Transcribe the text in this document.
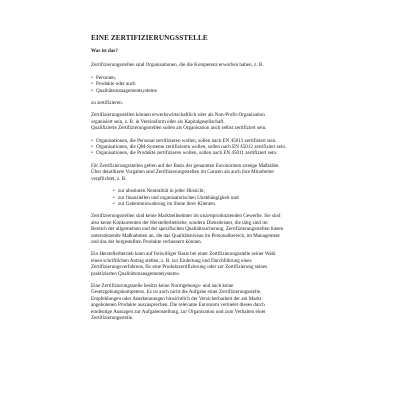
EINE ZERTIFIZIERUNGSSTELLE
Was ist das?

Zertifizierungsstellen sind Organisationen, die die Kompetenz erworben haben, z. B.

• Personen,
• Produkte oder auch
• Qualitätsmanagementsysteme

zu zertifizieren.

Zertifizierungsstellen können erwerbswirtschaftlich oder als Non-Profit-Organisation
organisiert sein, z. B. in Vereinsform oder als Kapitalgesellschaft.
Qualifizierte Zertifizierungsstellen sollen als Organisation auch selbst zertifiziert sein.

• Organisationen, die Personal zertifizieren wollen, sollen nach EN 45013 zertifiziert sein.
• Organisationen, die QM-Systeme zertifizieren wollen, sollen nach EN 45012 zertifiziert sein.
• Organisationen, die Produkte zertifizieren wollen, sollen nach EN 45011 zertifiziert sein.

Für Zertifizierungsstellen gelten auf der Basis der genannten Euronormen strenge Maßstäbe.
Über detaillierte Vorgaben sind Zertifizierungsstellen im Ganzen als auch ihre Mitarbeiter
verpflichtet, z. B.

• zur absoluten Neutralität in jeder Hinsicht,
• zur finanziellen und organisatorischen Unabhängigkeit und
• zur Geheimniswahrung im Sinne ihrer Klienten.

Zertifizierungsstellen sind keine Marktteilnehmer im unzertprodutztenden Gewerbe. Sie sind
also keine Konkurrenten der Herstellerbetriebe, sondern Dienstleister, die tätig sind im
Bereich der allgemeinen und der spezifischen Qualitätssicherung. Zertifizierungsstellen bieten
unterstützende Maßnahmen an, die das Qualitätsniveau im Personalbereich, im Management
und das der hergestellten Produkte verbessern können.

Ein Herstellerbetrieb kann auf freiwilliger Basis bei einer Zertifizierungsstelle seiner Wahl
einen schriftlichen Antrag stellen, z. B. zur Einleitung und Durchführung eines
Zertifizierungsverfahrens, für eine Produktzertifizierung oder zur Zertifizierung seines
praktizierten Qualitätsmanagementsystems.

Eine Zertifizierungsstelle besitzt keine Normgebungs- und auch keine
Gesetzgebungskompetenz. Es ist auch nicht die Aufgabe einer Zertifizierungsstelle,
Empfehlungen oder Anerkennungen hinsichtlich der Versicherbarkeit der am Markt
angebotenen Produkte auszusprechen. Die relevante Euronorm verbietet dieses durch
eindeutige Aussagen zur Aufgabenstellung, zur Organisation und zum Verhalten einer
Zertifizierungsstelle.
